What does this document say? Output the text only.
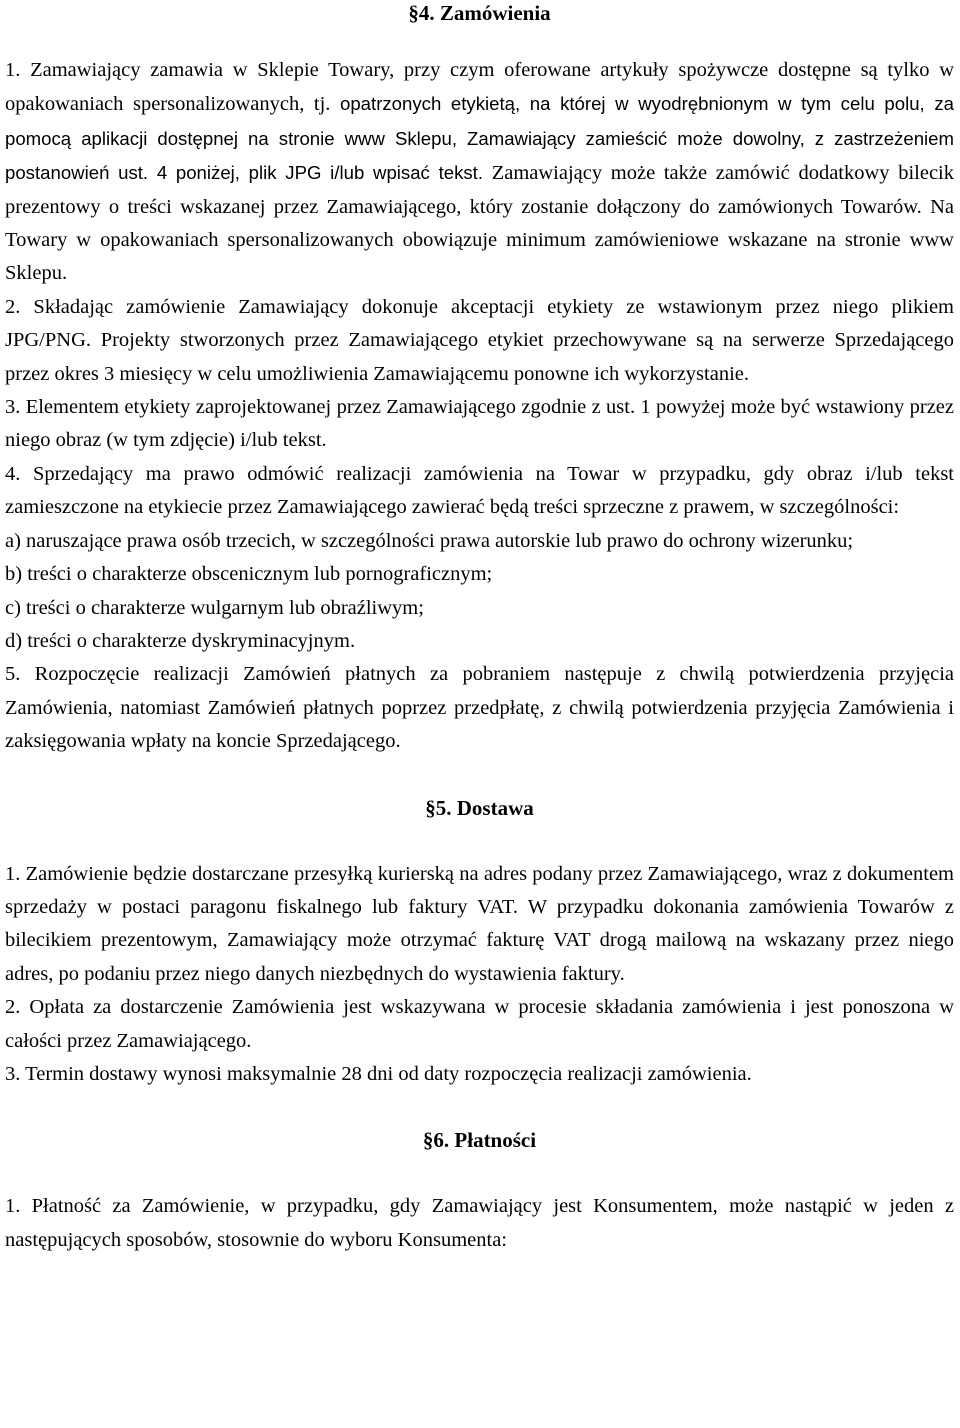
§4. Zamówienia

1. Zamawiający zamawia w Sklepie Towary, przy czym oferowane artykuły spożywcze dostępne są tylko w opakowaniach spersonalizowanych, tj. opatrzonych etykietą, na której w wyodrębnionym w tym celu polu, za pomocą aplikacji dostępnej na stronie www Sklepu, Zamawiający zamieścić może dowolny, z zastrzeżeniem postanowień ust. 4 poniżej, plik JPG i/lub wpisać tekst. Zamawiający może także zamówić dodatkowy bilecik prezentowy o treści wskazanej przez Zamawiającego, który zostanie dołączony do zamówionych Towarów. Na Towary w opakowaniach spersonalizowanych obowiązuje minimum zamówieniowe wskazane na stronie www Sklepu.

2. Składając zamówienie Zamawiający dokonuje akceptacji etykiety ze wstawionym przez niego plikiem JPG/PNG. Projekty stworzonych przez Zamawiającego etykiet przechowywane są na serwerze Sprzedającego przez okres 3 miesięcy w celu umożliwienia Zamawiającemu ponowne ich wykorzystanie.

3. Elementem etykiety zaprojektowanej przez Zamawiającego zgodnie z ust. 1 powyżej może być wstawiony przez niego obraz (w tym zdjęcie) i/lub tekst.

4. Sprzedający ma prawo odmówić realizacji zamówienia na Towar w przypadku, gdy obraz i/lub tekst zamieszczone na etykiecie przez Zamawiającego zawierać będą treści sprzeczne z prawem, w szczególności:

a) naruszające prawa osób trzecich, w szczególności prawa autorskie lub prawo do ochrony wizerunku;

b) treści o charakterze obscenicznym lub pornograficznym;

c) treści o charakterze wulgarnym lub obraźliwym;

d) treści o charakterze dyskryminacyjnym.

5. Rozpoczęcie realizacji Zamówień płatnych za pobraniem następuje z chwilą potwierdzenia przyjęcia Zamówienia, natomiast Zamówień płatnych poprzez przedpłatę, z chwilą potwierdzenia przyjęcia Zamówienia i zaksięgowania wpłaty na koncie Sprzedającego.

§5. Dostawa

1. Zamówienie będzie dostarczane przesyłką kurierską na adres podany przez Zamawiającego, wraz z dokumentem sprzedaży w postaci paragonu fiskalnego lub faktury VAT. W przypadku dokonania zamówienia Towarów z bilecikiem prezentowym, Zamawiający może otrzymać fakturę VAT drogą mailową na wskazany przez niego adres, po podaniu przez niego danych niezbędnych do wystawienia faktury.

2. Opłata za dostarczenie Zamówienia jest wskazywana w procesie składania zamówienia i jest ponoszona w całości przez Zamawiającego.

3. Termin dostawy wynosi maksymalnie 28 dni od daty rozpoczęcia realizacji zamówienia.

§6. Płatności

1. Płatność za Zamówienie, w przypadku, gdy Zamawiający jest Konsumentem, może nastąpić w jeden z następujących sposobów, stosownie do wyboru Konsumenta:
